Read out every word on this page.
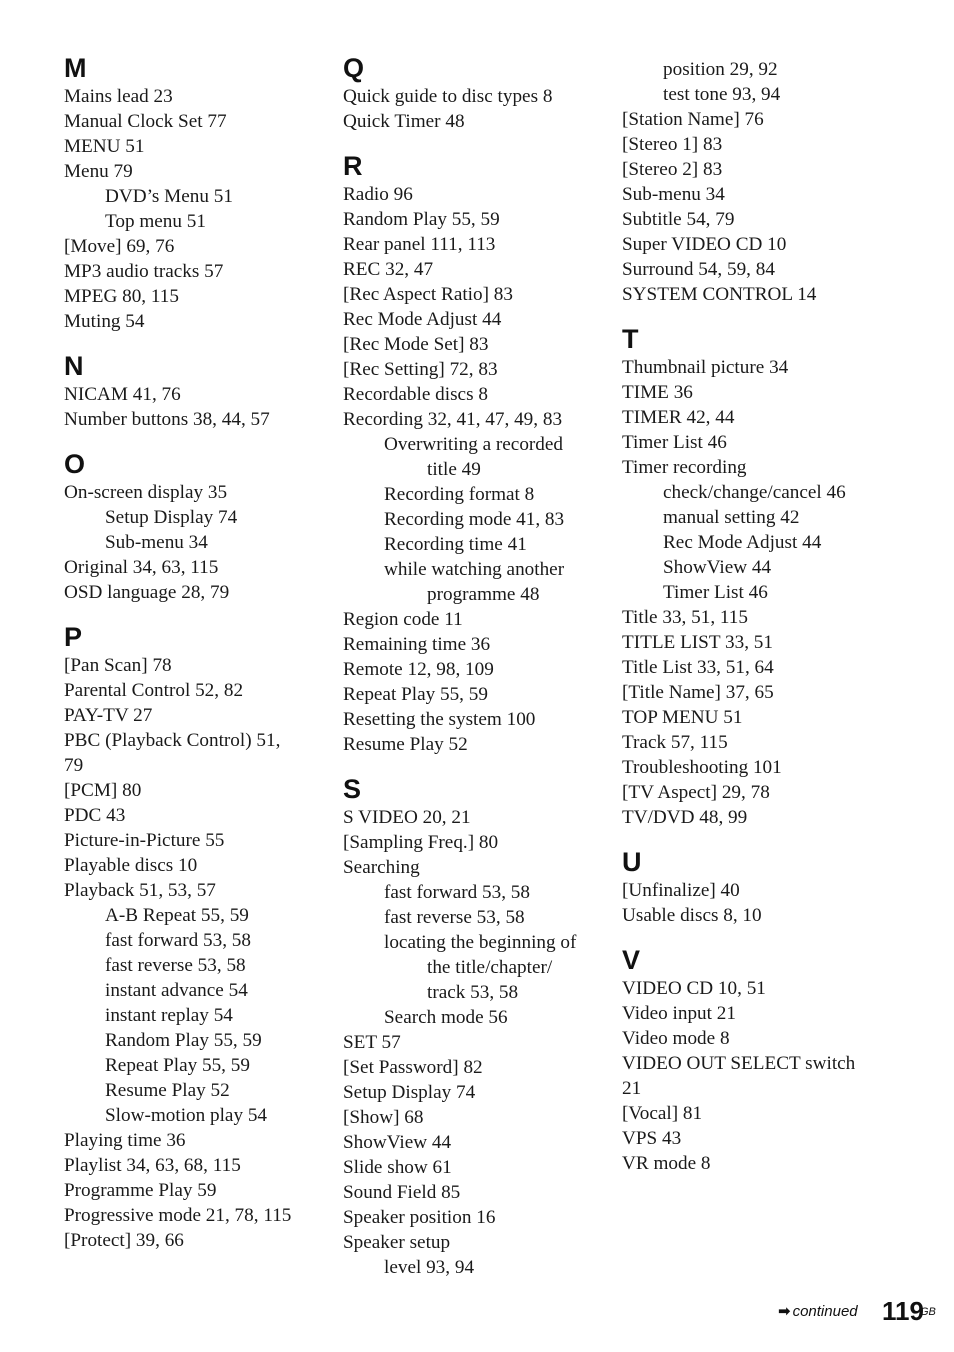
M
Mains lead 23
Manual Clock Set 77
MENU 51
Menu 79
DVD’s Menu 51
Top menu 51
[Move] 69, 76
MP3 audio tracks 57
MPEG 80, 115
Muting 54
N
NICAM 41, 76
Number buttons 38, 44, 57
O
On-screen display 35
Setup Display 74
Sub-menu 34
Original 34, 63, 115
OSD language 28, 79
P
[Pan Scan] 78
Parental Control 52, 82
PAY-TV 27
PBC (Playback Control) 51,
79
[PCM] 80
PDC 43
Picture-in-Picture 55
Playable discs 10
Playback 51, 53, 57
A-B Repeat 55, 59
fast forward 53, 58
fast reverse 53, 58
instant advance 54
instant replay 54
Random Play 55, 59
Repeat Play 55, 59
Resume Play 52
Slow-motion play 54
Playing time 36
Playlist 34, 63, 68, 115
Programme Play 59
Progressive mode 21, 78, 115
[Protect] 39, 66
Q
Quick guide to disc types 8
Quick Timer 48
R
Radio 96
Random Play 55, 59
Rear panel 111, 113
REC 32, 47
[Rec Aspect Ratio] 83
Rec Mode Adjust 44
[Rec Mode Set] 83
[Rec Setting] 72, 83
Recordable discs 8
Recording 32, 41, 47, 49, 83
Overwriting a recorded
title 49
Recording format 8
Recording mode 41, 83
Recording time 41
while watching another
programme 48
Region code 11
Remaining time 36
Remote 12, 98, 109
Repeat Play 55, 59
Resetting the system 100
Resume Play 52
S
S VIDEO 20, 21
[Sampling Freq.] 80
Searching
fast forward 53, 58
fast reverse 53, 58
locating the beginning of
the title/chapter/
track 53, 58
Search mode 56
SET 57
[Set Password] 82
Setup Display 74
[Show] 68
ShowView 44
Slide show 61
Sound Field 85
Speaker position 16
Speaker setup
level 93, 94
position 29, 92
test tone 93, 94
[Station Name] 76
[Stereo 1] 83
[Stereo 2] 83
Sub-menu 34
Subtitle 54, 79
Super VIDEO CD 10
Surround 54, 59, 84
SYSTEM CONTROL 14
T
Thumbnail picture 34
TIME 36
TIMER 42, 44
Timer List 46
Timer recording
check/change/cancel 46
manual setting 42
Rec Mode Adjust 44
ShowView 44
Timer List 46
Title 33, 51, 115
TITLE LIST 33, 51
Title List 33, 51, 64
[Title Name] 37, 65
TOP MENU 51
Track 57, 115
Troubleshooting 101
[TV Aspect] 29, 78
TV/DVD 48, 99
U
[Unfinalize] 40
Usable discs 8, 10
V
VIDEO CD 10, 51
Video input 21
Video mode 8
VIDEO OUT SELECT switch
21
[Vocal] 81
VPS 43
VR mode 8
➡ continued 119
GB
